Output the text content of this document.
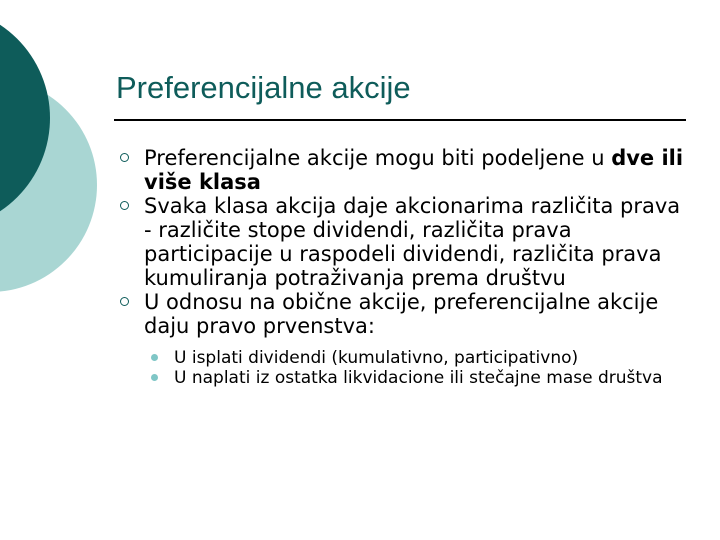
Preferencijalne akcije

Preferencijalne akcije mogu biti podeljene u dve ili više klasa

Svaka klasa akcija daje akcionarima različita prava - različite stope dividendi, različita prava participacije u raspodeli dividendi, različita prava kumuliranja potraživanja prema društvu

U odnosu na obične akcije, preferencijalne akcije daju pravo prvenstva:

U isplati dividendi (kumulativno, participativno)
U naplati iz ostatka likvidacione ili stečajne mase društva
